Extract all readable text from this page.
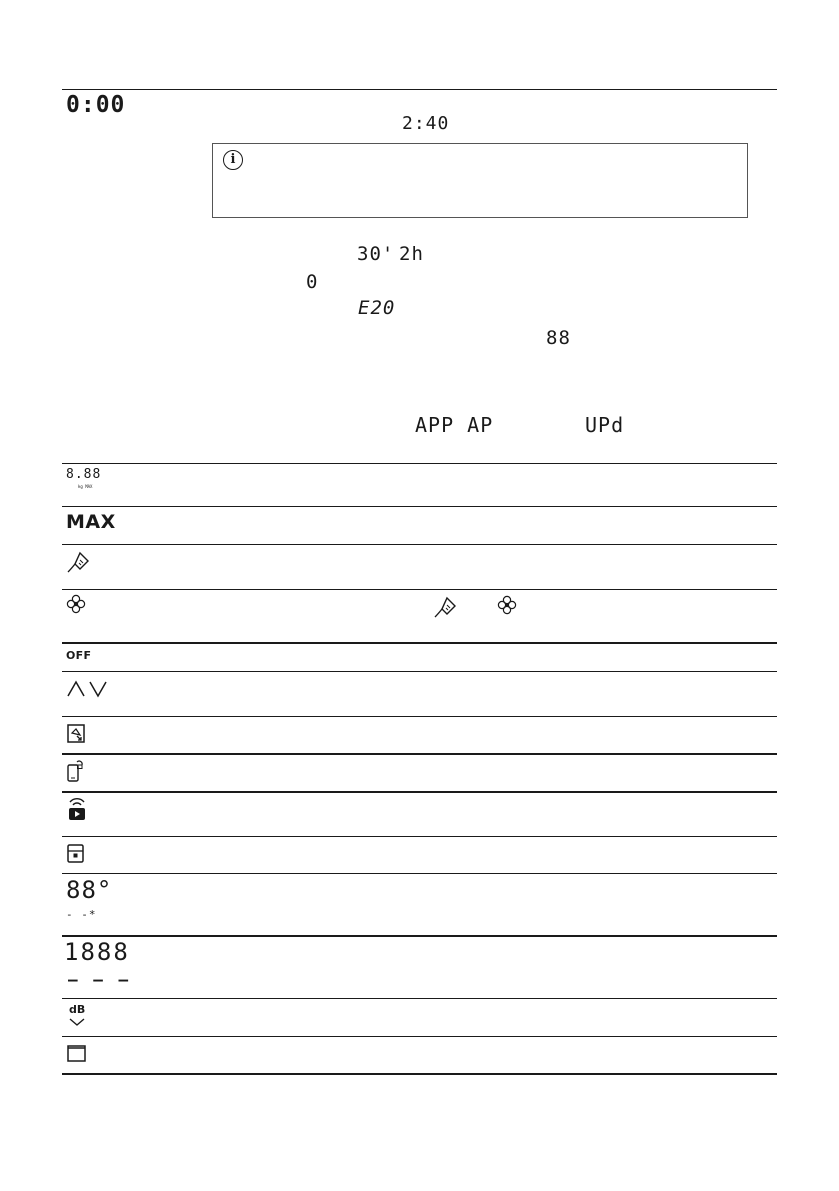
0:00
2:40
i
30' 2h
0
E20
88
APP AP	UPd
8.88
kg MAX
MAX
OFF
88°
- -*
1888
– – –
dB
